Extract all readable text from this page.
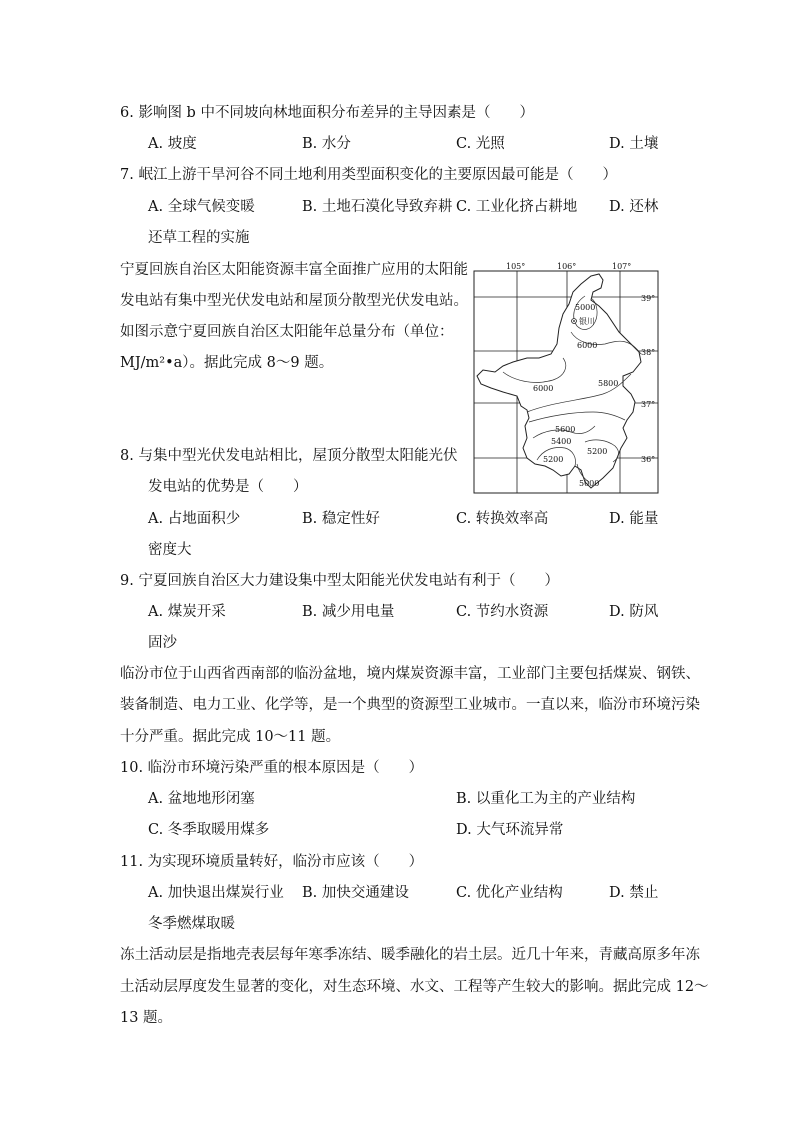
6. 影响图 b 中不同坡向林地面积分布差异的主导因素是（　　）
A. 坡度	B. 水分	C. 光照	D. 土壤
7. 岷江上游干旱河谷不同土地利用类型面积变化的主要原因最可能是（　　）
A. 全球气候变暖	B. 土地石漠化导致弃耕 C. 工业化挤占耕地 D. 还林
还草工程的实施
宁夏回族自治区太阳能资源丰富全面推广应用的太阳能
发电站有集中型光伏发电站和屋顶分散型光伏发电站。
如图示意宁夏回族自治区太阳能年总量分布（单位：
MJ/m²•a）。据此完成 8～9 题。
105°	106°	107°
39°
38°
37°
36°
银川
5000
6000
6000
5800
5600
5400
5200
5200
5000
8. 与集中型光伏发电站相比，屋顶分散型太阳能光伏
发电站的优势是（　　）
A. 占地面积少	B. 稳定性好	C. 转换效率高	D. 能量
密度大
9. 宁夏回族自治区大力建设集中型太阳能光伏发电站有利于（　　）
A. 煤炭开采	B. 减少用电量	C. 节约水资源	D. 防风
固沙
临汾市位于山西省西南部的临汾盆地，境内煤炭资源丰富，工业部门主要包括煤炭、钢铁、
装备制造、电力工业、化学等，是一个典型的资源型工业城市。一直以来，临汾市环境污染
十分严重。据此完成 10～11 题。
10. 临汾市环境污染严重的根本原因是（　　）
A. 盆地地形闭塞	B. 以重化工为主的产业结构
C. 冬季取暖用煤多	D. 大气环流异常
11. 为实现环境质量转好，临汾市应该（　　）
A. 加快退出煤炭行业 B. 加快交通建设	C. 优化产业结构	D. 禁止
冬季燃煤取暖
冻土活动层是指地壳表层每年寒季冻结、暖季融化的岩土层。近几十年来，青藏高原多年冻
土活动层厚度发生显著的变化，对生态环境、水文、工程等产生较大的影响。据此完成 12～
13 题。
